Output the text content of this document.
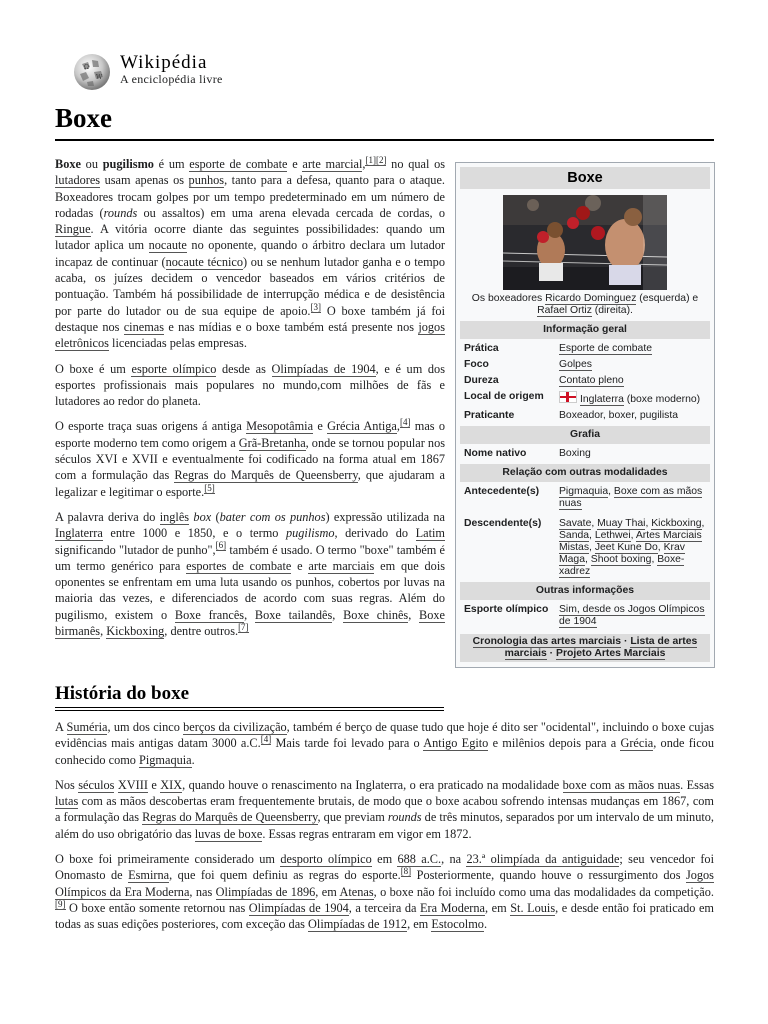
Ω
W
Wikipédia
A enciclopédia livre
Boxe

Boxe ou pugilismo é um esporte de combate e arte marcial,[1][2] no qual os lutadores usam apenas os punhos, tanto para a defesa, quanto para o ataque. Boxeadores trocam golpes por um tempo predeterminado em um número de rodadas (rounds ou assaltos) em uma arena elevada cercada de cordas, o Ringue. A vitória ocorre diante das seguintes possibilidades: quando um lutador aplica um nocaute no oponente, quando o árbitro declara um lutador incapaz de continuar (nocaute técnico) ou se nenhum lutador ganha e o tempo acaba, os juízes decidem o vencedor baseados em vários critérios de pontuação. Também há possibilidade de interrupção médica e de desistência por parte do lutador ou de sua equipe de apoio.[3] O boxe também já foi destaque nos cinemas e nas mídias e o boxe também está presente nos jogos eletrônicos licenciadas pelas empresas.

O boxe é um esporte olímpico desde as Olimpíadas de 1904, e é um dos esportes profissionais mais populares no mundo,com milhões de fãs e lutadores ao redor do planeta.

O esporte traça suas origens á antiga Mesopotâmia e Grécia Antiga,[4] mas o esporte moderno tem como origem a Grã-Bretanha, onde se tornou popular nos séculos XVI e XVII e eventualmente foi codificado na forma atual em 1867 com a formulação das Regras do Marquês de Queensberry, que ajudaram a legalizar e legitimar o esporte.[5]

A palavra deriva do inglês box (bater com os punhos) expressão utilizada na Inglaterra entre 1000 e 1850, e o termo pugilismo, derivado do Latim significando "lutador de punho",[6] também é usado. O termo "boxe" também é um termo genérico para esportes de combate e arte marciais em que dois oponentes se enfrentam em uma luta usando os punhos, cobertos por luvas na maioria das vezes, e diferenciados de acordo com suas regras. Além do pugilismo, existem o Boxe francês, Boxe tailandês, Boxe chinês, Boxe birmanês, Kickboxing, dentre outros.[7]

Boxe
Os boxeadores Ricardo Dominguez (esquerda) e Rafael Ortiz (direita).
Informação geral
Prática	Esporte de combate
Foco	Golpes
Dureza	Contato pleno
Local de origem	Inglaterra (boxe moderno)
Praticante	Boxeador, boxer, pugilista
Grafia
Nome nativo	Boxing
Relação com outras modalidades
Antecedente(s)	Pigmaquia, Boxe com as mãos nuas
Descendente(s)	Savate, Muay Thai, Kickboxing, Sanda, Lethwei, Artes Marciais Mistas, Jeet Kune Do, Krav Maga, Shoot boxing, Boxe-xadrez
Outras informações
Esporte olímpico	Sim, desde os Jogos Olímpicos de 1904
Cronologia das artes marciais · Lista de artes marciais · Projeto Artes Marciais
História do boxe

A Suméria, um dos cinco berços da civilização, também é berço de quase tudo que hoje é dito ser "ocidental", incluindo o boxe cujas evidências mais antigas datam 3000 a.C.[4] Mais tarde foi levado para o Antigo Egito e milênios depois para a Grécia, onde ficou conhecido como Pigmaquia.

Nos séculos XVIII e XIX, quando houve o renascimento na Inglaterra, o era praticado na modalidade boxe com as mãos nuas. Essas lutas com as mãos descobertas eram frequentemente brutais, de modo que o boxe acabou sofrendo intensas mudanças em 1867, com a formulação das Regras do Marquês de Queensberry, que previam rounds de três minutos, separados por um intervalo de um minuto, além do uso obrigatório das luvas de boxe. Essas regras entraram em vigor em 1872.

O boxe foi primeiramente considerado um desporto olímpico em 688 a.C., na 23.ª olimpíada da antiguidade; seu vencedor foi Onomasto de Esmirna, que foi quem definiu as regras do esporte.[8] Posteriormente, quando houve o ressurgimento dos Jogos Olímpicos da Era Moderna, nas Olimpíadas de 1896, em Atenas, o boxe não foi incluído como uma das modalidades da competição.[9] O boxe então somente retornou nas Olimpíadas de 1904, a terceira da Era Moderna, em St. Louis, e desde então foi praticado em todas as suas edições posteriores, com exceção das Olimpíadas de 1912, em Estocolmo.
